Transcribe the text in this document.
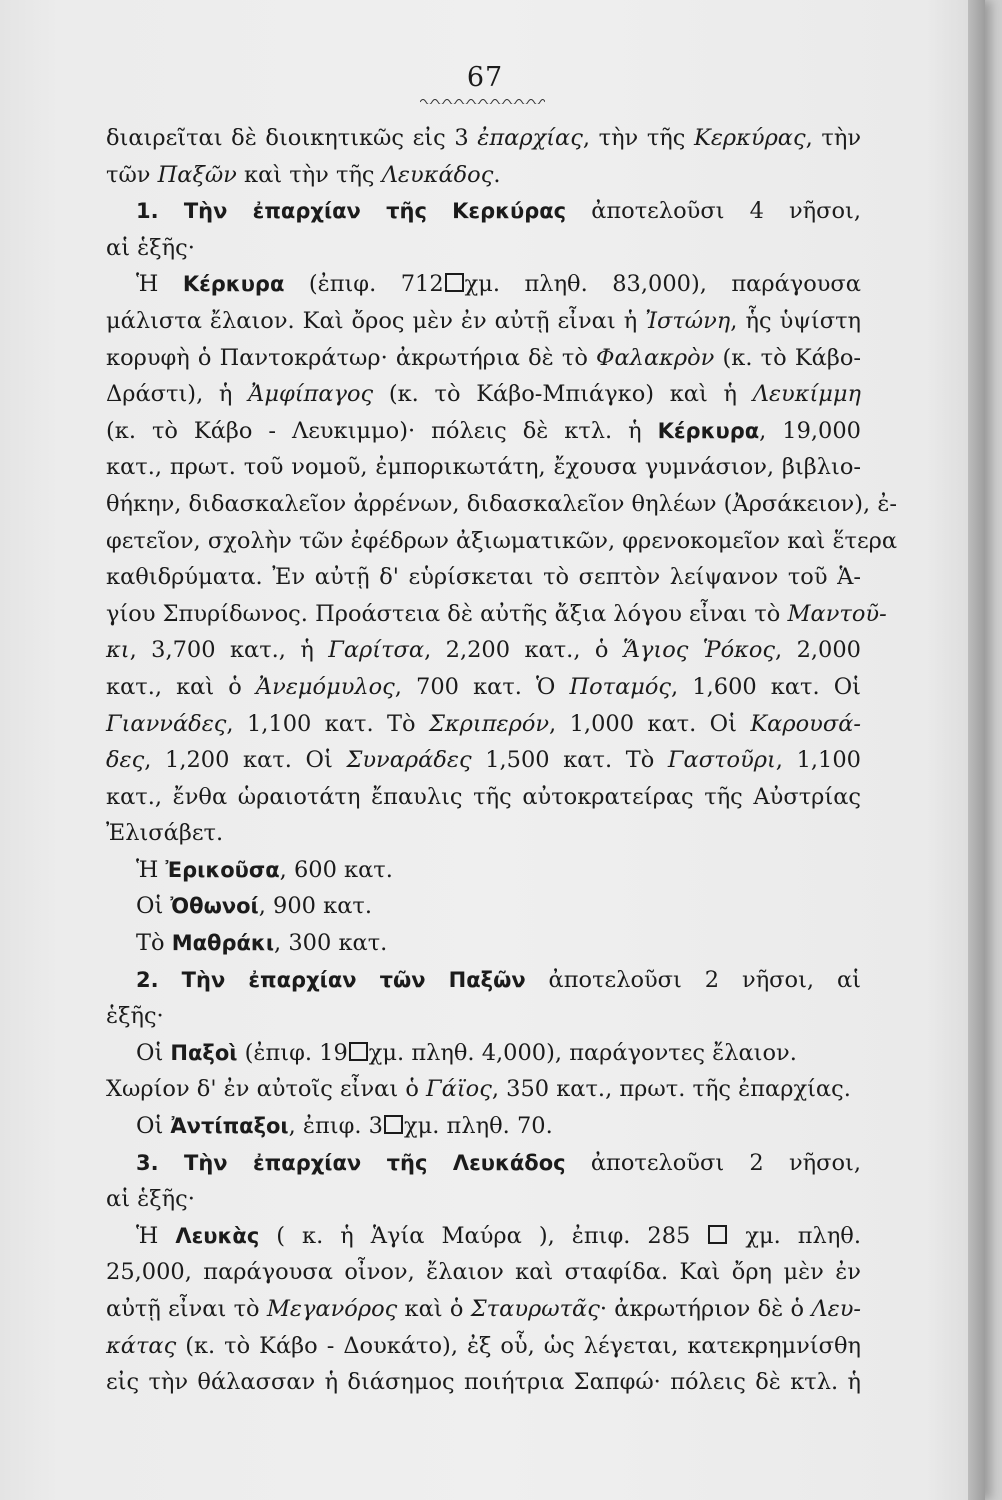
67
διαιρεῖται δὲ διοικητικῶς εἰς 3 ἐπαρχίας, τὴν τῆς Κερκύρας, τὴν
τῶν Παξῶν καὶ τὴν τῆς Λευκάδος.
1. Τὴν ἐπαρχίαν τῆς Κερκύρας ἀποτελοῦσι 4 νῆσοι,
αἱ ἑξῆς·
Ἡ Κέρκυρα (ἐπιφ. 712 χμ. πληθ. 83,000), παράγουσα
μάλιστα ἔλαιον. Καὶ ὄρος μὲν ἐν αὐτῇ εἶναι ἡ Ἰστώνη, ἧς ὑψίστη
κορυφὴ ὁ Παντοκράτωρ· ἀκρωτήρια δὲ τὸ Φαλακρὸν (κ. τὸ Κάβο-
Δράστι), ἡ Ἀμφίπαγος (κ. τὸ Κάβο-Μπιάγκο) καὶ ἡ Λευκίμμη
(κ. τὸ Κάβο - Λευκιμμο)· πόλεις δὲ κτλ. ἡ Κέρκυρα, 19,000
κατ., πρωτ. τοῦ νομοῦ, ἐμπορικωτάτη, ἔχουσα γυμνάσιον, βιβλιο-
θήκην, διδασκαλεῖον ἀρρένων, διδασκαλεῖον θηλέων (Ἀρσάκειον), ἐ-
φετεῖον, σχολὴν τῶν ἐφέδρων ἀξιωματικῶν, φρενοκομεῖον καὶ ἕτερα
καθιδρύματα. Ἐν αὐτῇ δ' εὑρίσκεται τὸ σεπτὸν λείψανον τοῦ Ἁ-
γίου Σπυρίδωνος. Προάστεια δὲ αὐτῆς ἄξια λόγου εἶναι τὸ Μαντοῦ-
κι, 3,700 κατ., ἡ Γαρίτσα, 2,200 κατ., ὁ Ἅγιος Ῥόκος, 2,000
κατ., καὶ ὁ Ἀνεμόμυλος, 700 κατ. Ὁ Ποταμός, 1,600 κατ. Οἱ
Γιαννάδες, 1,100 κατ. Τὸ Σκριπερόν, 1,000 κατ. Οἱ Καρουσά-
δες, 1,200 κατ. Οἱ Συναράδες 1,500 κατ. Τὸ Γαστοῦρι, 1,100
κατ., ἔνθα ὡραιοτάτη ἔπαυλις τῆς αὐτοκρατείρας τῆς Αὐστρίας
Ἐλισάβετ.
Ἡ Ἐρικοῦσα, 600 κατ.
Οἱ Ὀθωνοί, 900 κατ.
Τὸ Μαθράκι, 300 κατ.
2. Τὴν ἐπαρχίαν τῶν Παξῶν ἀποτελοῦσι 2 νῆσοι, αἱ
ἑξῆς·
Οἱ Παξοὶ (ἐπιφ. 19 χμ. πληθ. 4,000), παράγοντες ἔλαιον.
Χωρίον δ' ἐν αὐτοῖς εἶναι ὁ Γάϊος, 350 κατ., πρωτ. τῆς ἐπαρχίας.
Οἱ Ἀντίπαξοι, ἐπιφ. 3 χμ. πληθ. 70.
3. Τὴν ἐπαρχίαν τῆς Λευκάδος ἀποτελοῦσι 2 νῆσοι,
αἱ ἑξῆς·
Ἡ Λευκὰς ( κ. ἡ Ἁγία Μαύρα ), ἐπιφ. 285  χμ. πληθ.
25,000, παράγουσα οἶνον, ἔλαιον καὶ σταφίδα. Καὶ ὄρη μὲν ἐν
αὐτῇ εἶναι τὸ Μεγανόρος καὶ ὁ Σταυρωτᾶς· ἀκρωτήριον δὲ ὁ Λευ-
κάτας (κ. τὸ Κάβο - Δουκάτο), ἐξ οὗ, ὡς λέγεται, κατεκρημνίσθη
εἰς τὴν θάλασσαν ἡ διάσημος ποιήτρια Σαπφώ· πόλεις δὲ κτλ. ἡ
